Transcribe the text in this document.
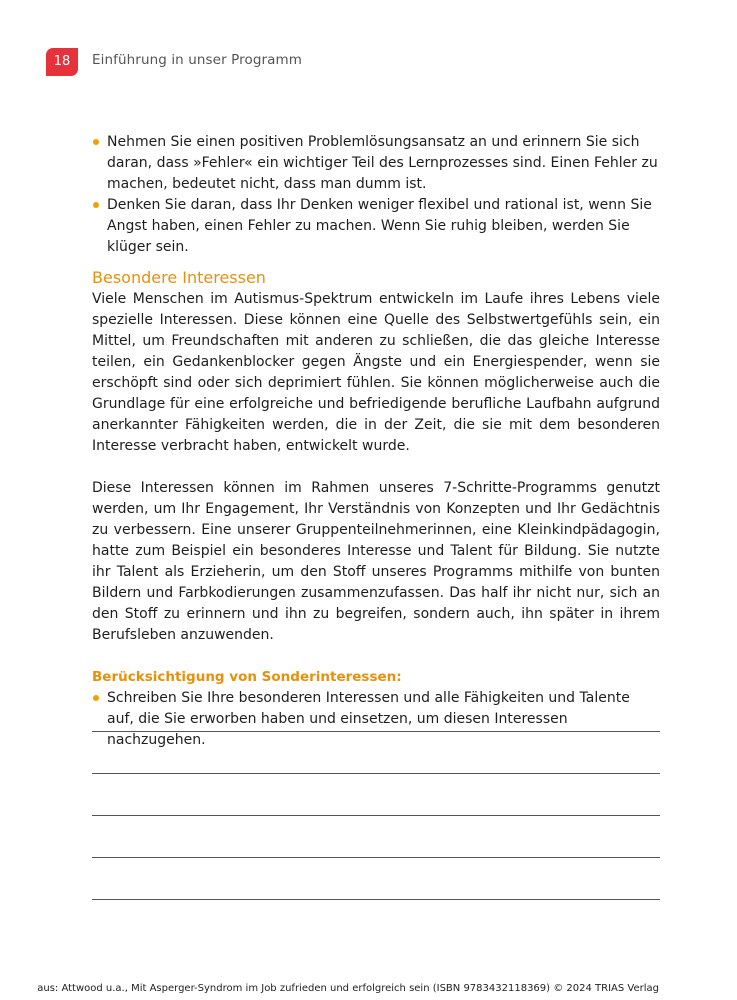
18	Einführung in unser Programm
Nehmen Sie einen positiven Problemlösungsansatz an und erinnern Sie sich daran, dass »Fehler« ein wichtiger Teil des Lernprozesses sind. Einen Fehler zu machen, bedeutet nicht, dass man dumm ist.
Denken Sie daran, dass Ihr Denken weniger flexibel und rational ist, wenn Sie Angst haben, einen Fehler zu machen. Wenn Sie ruhig bleiben, werden Sie klüger sein.
Besondere Interessen

Viele Menschen im Autismus-Spektrum entwickeln im Laufe ihres Lebens viele spezielle Interessen. Diese können eine Quelle des Selbstwertgefühls sein, ein Mittel, um Freundschaften mit anderen zu schließen, die das gleiche Interesse teilen, ein Gedankenblocker gegen Ängste und ein Energiespender, wenn sie erschöpft sind oder sich deprimiert fühlen. Sie können möglicherweise auch die Grundlage für eine erfolgreiche und befriedigende berufliche Laufbahn aufgrund anerkannter Fähigkeiten werden, die in der Zeit, die sie mit dem besonderen Interesse verbracht haben, entwickelt wurde.

Diese Interessen können im Rahmen unseres 7-Schritte-Programms genutzt werden, um Ihr Engagement, Ihr Verständnis von Konzepten und Ihr Gedächtnis zu verbessern. Eine unserer Gruppenteilnehmerinnen, eine Kleinkindpädagogin, hatte zum Beispiel ein besonderes Interesse und Talent für Bildung. Sie nutzte ihr Talent als Erzieherin, um den Stoff unseres Programms mithilfe von bunten Bildern und Farbkodierungen zusammenzufassen. Das half ihr nicht nur, sich an den Stoff zu erinnern und ihn zu begreifen, sondern auch, ihn später in ihrem Berufsleben anzuwenden.

Berücksichtigung von Sonderinteressen:
Schreiben Sie Ihre besonderen Interessen und alle Fähigkeiten und Talente auf, die Sie erworben haben und einsetzen, um diesen Interessen nachzugehen.
aus: Attwood u.a., Mit Asperger-Syndrom im Job zufrieden und erfolgreich sein (ISBN 9783432118369) © 2024 TRIAS Verlag
